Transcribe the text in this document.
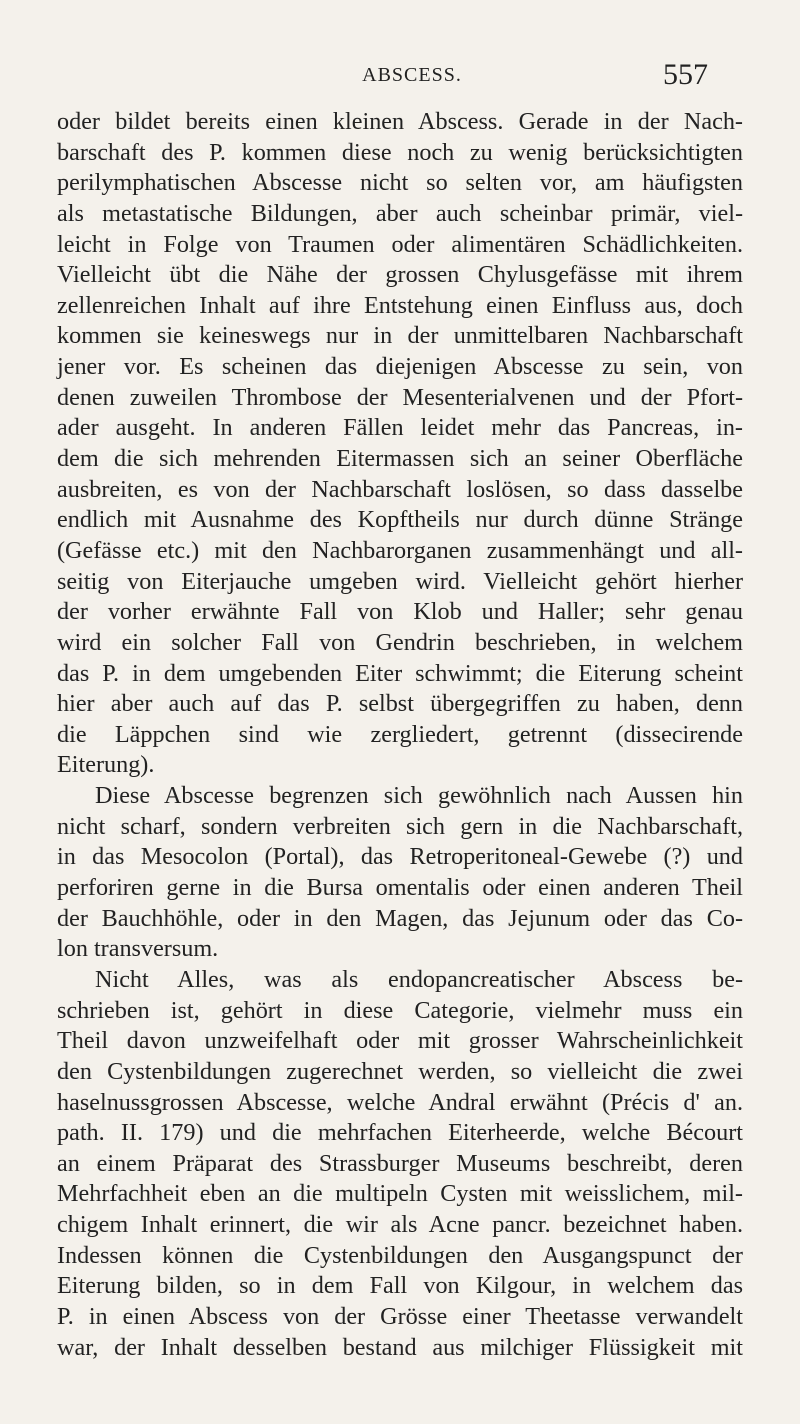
ABSCESS.	557
oder bildet bereits einen kleinen Abscess. Gerade in der Nach-
barschaft des P. kommen diese noch zu wenig berücksichtigten
perilymphatischen Abscesse nicht so selten vor, am häufigsten
als metastatische Bildungen, aber auch scheinbar primär, viel-
leicht in Folge von Traumen oder alimentären Schädlichkeiten.
Vielleicht übt die Nähe der grossen Chylusgefässe mit ihrem
zellenreichen Inhalt auf ihre Entstehung einen Einfluss aus, doch
kommen sie keineswegs nur in der unmittelbaren Nachbarschaft
jener vor. Es scheinen das diejenigen Abscesse zu sein, von
denen zuweilen Thrombose der Mesenterialvenen und der Pfort-
ader ausgeht. In anderen Fällen leidet mehr das Pancreas, in-
dem die sich mehrenden Eitermassen sich an seiner Oberfläche
ausbreiten, es von der Nachbarschaft loslösen, so dass dasselbe
endlich mit Ausnahme des Kopftheils nur durch dünne Stränge
(Gefässe etc.) mit den Nachbarorganen zusammenhängt und all-
seitig von Eiterjauche umgeben wird. Vielleicht gehört hierher
der vorher erwähnte Fall von Klob und Haller; sehr genau
wird ein solcher Fall von Gendrin beschrieben, in welchem
das P. in dem umgebenden Eiter schwimmt; die Eiterung scheint
hier aber auch auf das P. selbst übergegriffen zu haben, denn
die Läppchen sind wie zergliedert, getrennt (dissecirende
Eiterung).
Diese Abscesse begrenzen sich gewöhnlich nach Aussen hin
nicht scharf, sondern verbreiten sich gern in die Nachbarschaft,
in das Mesocolon (Portal), das Retroperitoneal-Gewebe (?) und
perforiren gerne in die Bursa omentalis oder einen anderen Theil
der Bauchhöhle, oder in den Magen, das Jejunum oder das Co-
lon transversum.
Nicht Alles, was als endopancreatischer Abscess be-
schrieben ist, gehört in diese Categorie, vielmehr muss ein
Theil davon unzweifelhaft oder mit grosser Wahrscheinlichkeit
den Cystenbildungen zugerechnet werden, so vielleicht die zwei
haselnussgrossen Abscesse, welche Andral erwähnt (Précis d' an.
path. II. 179) und die mehrfachen Eiterheerde, welche Bécourt
an einem Präparat des Strassburger Museums beschreibt, deren
Mehrfachheit eben an die multipeln Cysten mit weisslichem, mil-
chigem Inhalt erinnert, die wir als Acne pancr. bezeichnet haben.
Indessen können die Cystenbildungen den Ausgangspunct der
Eiterung bilden, so in dem Fall von Kilgour, in welchem das
P. in einen Abscess von der Grösse einer Theetasse verwandelt
war, der Inhalt desselben bestand aus milchiger Flüssigkeit mit
